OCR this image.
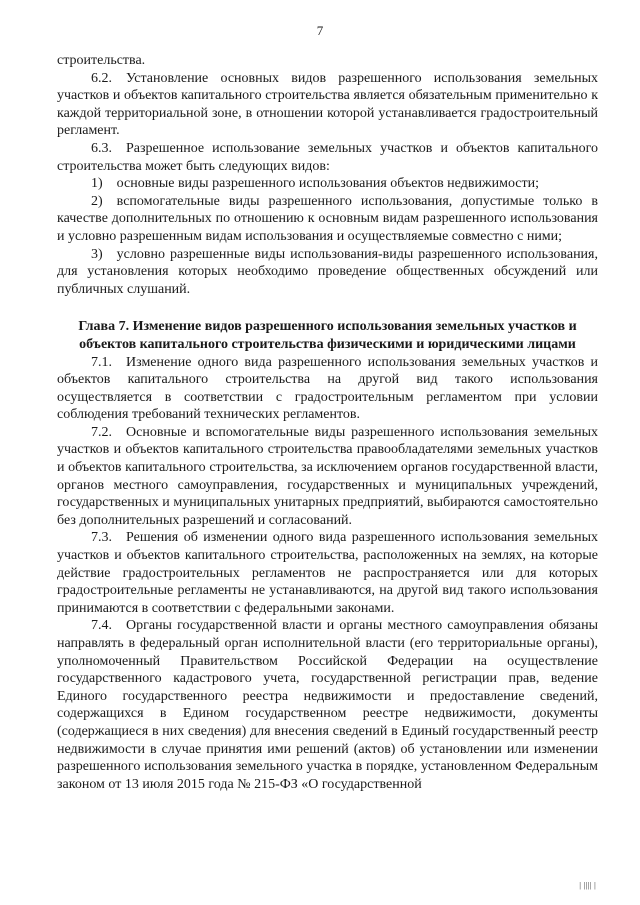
7

строительства.

6.2. Установление основных видов разрешенного использования земельных участков и объектов капитального строительства является обязательным применительно к каждой территориальной зоне, в отношении которой устанавливается градостроительный регламент.

6.3. Разрешенное использование земельных участков и объектов капитального строительства может быть следующих видов:

1) основные виды разрешенного использования объектов недвижимости;

2) вспомогательные виды разрешенного использования, допустимые только в качестве дополнительных по отношению к основным видам разрешенного использования и условно разрешенным видам использования и осуществляемые совместно с ними;

3) условно разрешенные виды использования-виды разрешенного использования, для установления которых необходимо проведение общественных обсуждений или публичных слушаний.

Глава 7. Изменение видов разрешенного использования земельных участков и объектов капитального строительства физическими и юридическими лицами

7.1. Изменение одного вида разрешенного использования земельных участков и объектов капитального строительства на другой вид такого использования осуществляется в соответствии с градостроительным регламентом при условии соблюдения требований технических регламентов.

7.2. Основные и вспомогательные виды разрешенного использования земельных участков и объектов капитального строительства правообладателями земельных участков и объектов капитального строительства, за исключением органов государственной власти, органов местного самоуправления, государственных и муниципальных учреждений, государственных и муниципальных унитарных предприятий, выбираются самостоятельно без дополнительных разрешений и согласований.

7.3. Решения об изменении одного вида разрешенного использования земельных участков и объектов капитального строительства, расположенных на землях, на которые действие градостроительных регламентов не распространяется или для которых градостроительные регламенты не устанавливаются, на другой вид такого использования принимаются в соответствии с федеральными законами.

7.4. Органы государственной власти и органы местного самоуправления обязаны направлять в федеральный орган исполнительной власти (его территориальные органы), уполномоченный Правительством Российской Федерации на осуществление государственного кадастрового учета, государственной регистрации прав, ведение Единого государственного реестра недвижимости и предоставление сведений, содержащихся в Едином государственном реестре недвижимости, документы (содержащиеся в них сведения) для внесения сведений в Единый государственный реестр недвижимости в случае принятия ими решений (актов) об установлении или изменении разрешенного использования земельного участка в порядке, установленном Федеральным законом от 13 июля 2015 года № 215-ФЗ «О государственной

| |||| |
